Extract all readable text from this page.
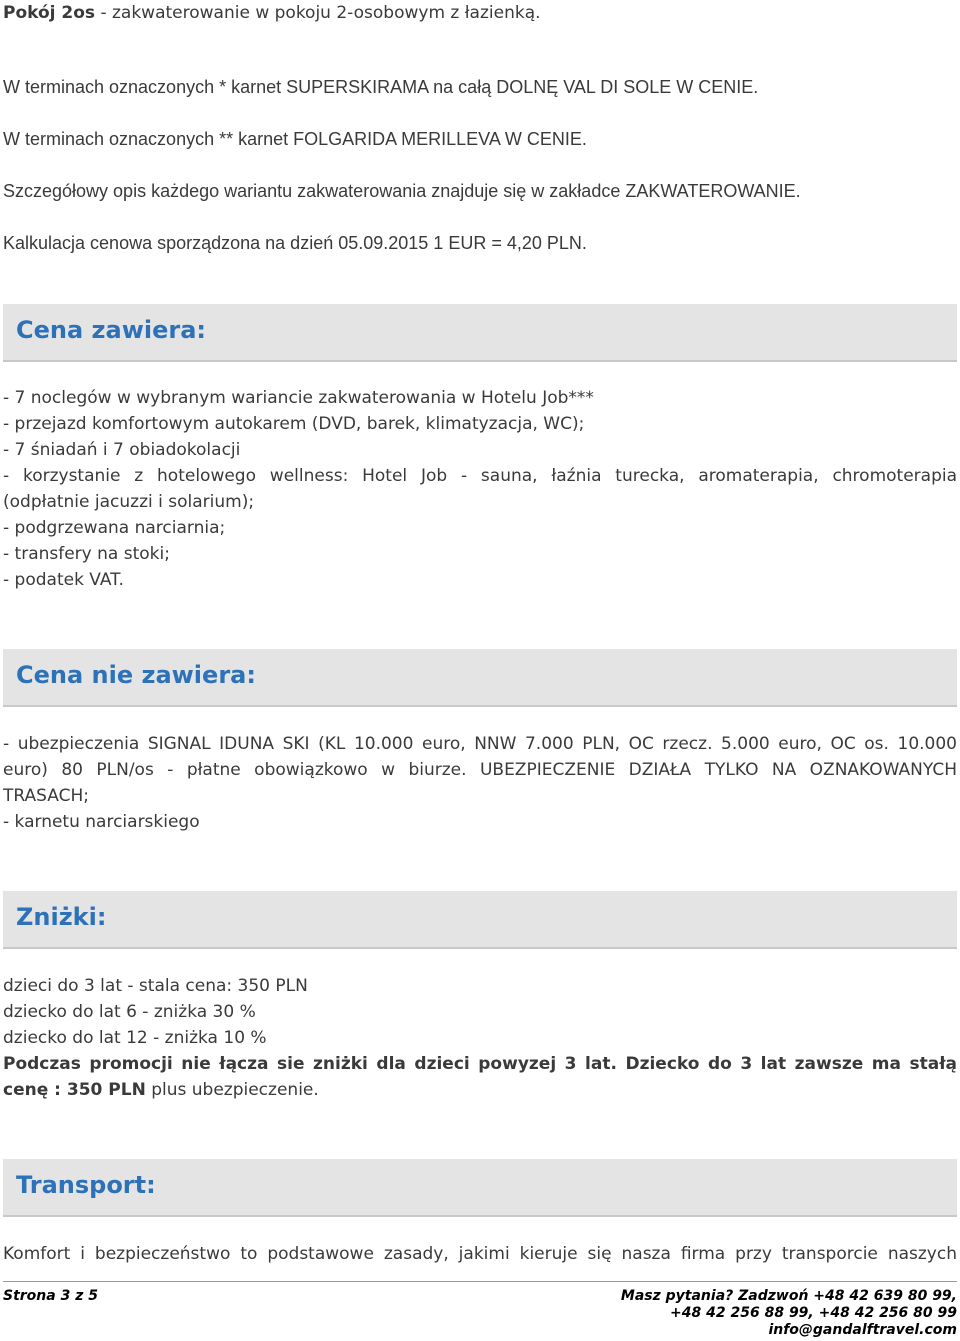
Pokój 2os - zakwaterowanie w pokoju 2-osobowym z łazienką.
W terminach oznaczonych * karnet SUPERSKIRAMA na całą DOLNĘ VAL DI SOLE W CENIE.
W terminach oznaczonych ** karnet FOLGARIDA MERILLEVA W CENIE.
Szczegółowy opis każdego wariantu zakwaterowania znajduje się w zakładce ZAKWATEROWANIE.
Kalkulacja cenowa sporządzona na dzień 05.09.2015 1 EUR = 4,20 PLN.
Cena zawiera:
- 7 noclegów w wybranym wariancie zakwaterowania w Hotelu Job***
- przejazd komfortowym autokarem (DVD, barek, klimatyzacja, WC);
- 7 śniadań i 7 obiadokolacji
- korzystanie z hotelowego wellness: Hotel Job - sauna, łaźnia turecka, aromaterapia, chromoterapia
(odpłatnie jacuzzi i solarium);
- podgrzewana narciarnia;
- transfery na stoki;
- podatek VAT.
Cena nie zawiera:
- ubezpieczenia SIGNAL IDUNA SKI (KL 10.000 euro, NNW 7.000 PLN, OC rzecz. 5.000 euro, OC os. 10.000
euro) 80 PLN/os - płatne obowiązkowo w biurze. UBEZPIECZENIE DZIAŁA TYLKO NA OZNAKOWANYCH
TRASACH;
- karnetu narciarskiego
Zniżki:
dzieci do 3 lat - stala cena: 350 PLN
dziecko do lat 6 - zniżka 30 %
dziecko do lat 12 - zniżka 10 %
Podczas promocji nie łącza sie zniżki dla dzieci powyzej 3 lat. Dziecko do 3 lat zawsze ma stałą
cenę : 350 PLN plus ubezpieczenie.
Transport:
Komfort i bezpieczeństwo to podstawowe zasady, jakimi kieruje się nasza firma przy transporcie naszych
Strona 3 z 5	Masz pytania? Zadzwoń +48 42 639 80 99,
+48 42 256 88 99, +48 42 256 80 99
info@gandalftravel.com
